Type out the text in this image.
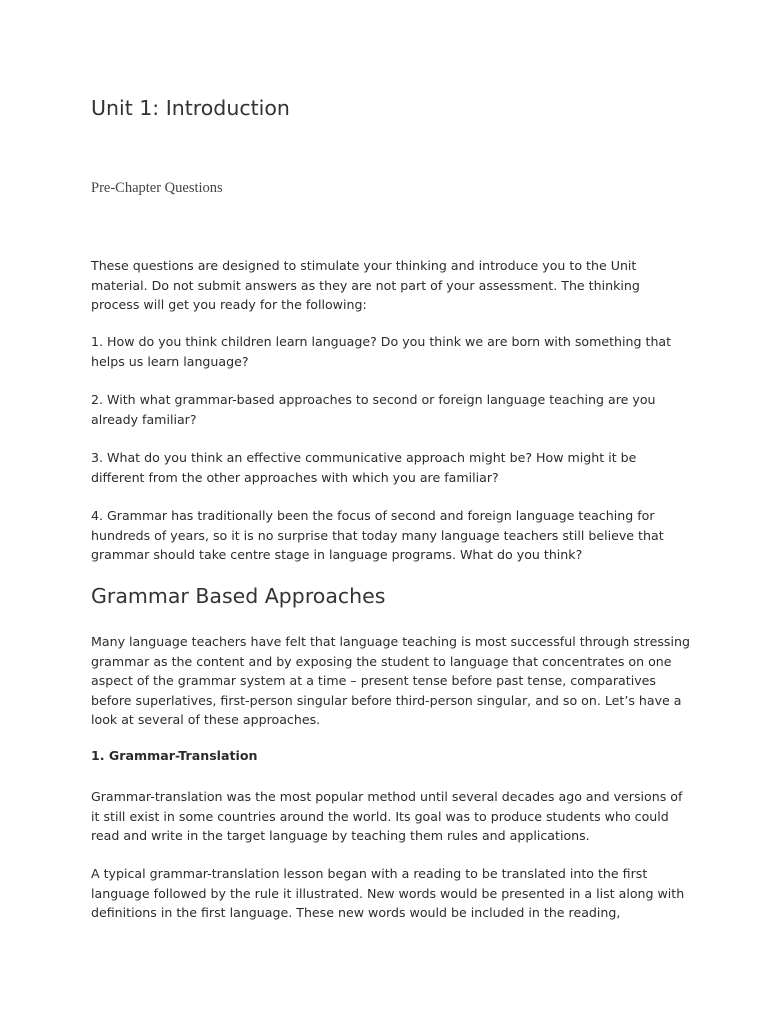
Unit 1: Introduction

Pre-Chapter Questions

These questions are designed to stimulate your thinking and introduce you to the Unit material. Do not submit answers as they are not part of your assessment. The thinking process will get you ready for the following:

1. How do you think children learn language? Do you think we are born with something that helps us learn language?

2. With what grammar-based approaches to second or foreign language teaching are you already familiar?

3. What do you think an effective communicative approach might be? How might it be different from the other approaches with which you are familiar?

4. Grammar has traditionally been the focus of second and foreign language teaching for hundreds of years, so it is no surprise that today many language teachers still believe that grammar should take centre stage in language programs. What do you think?

Grammar Based Approaches

Many language teachers have felt that language teaching is most successful through stressing grammar as the content and by exposing the student to language that concentrates on one aspect of the grammar system at a time – present tense before past tense, comparatives before superlatives, first-person singular before third-person singular, and so on. Let’s have a look at several of these approaches.

1. Grammar-Translation

Grammar-translation was the most popular method until several decades ago and versions of it still exist in some countries around the world. Its goal was to produce students who could read and write in the target language by teaching them rules and applications.

A typical grammar-translation lesson began with a reading to be translated into the first language followed by the rule it illustrated. New words would be presented in a list along with definitions in the first language. These new words would be included in the reading,
